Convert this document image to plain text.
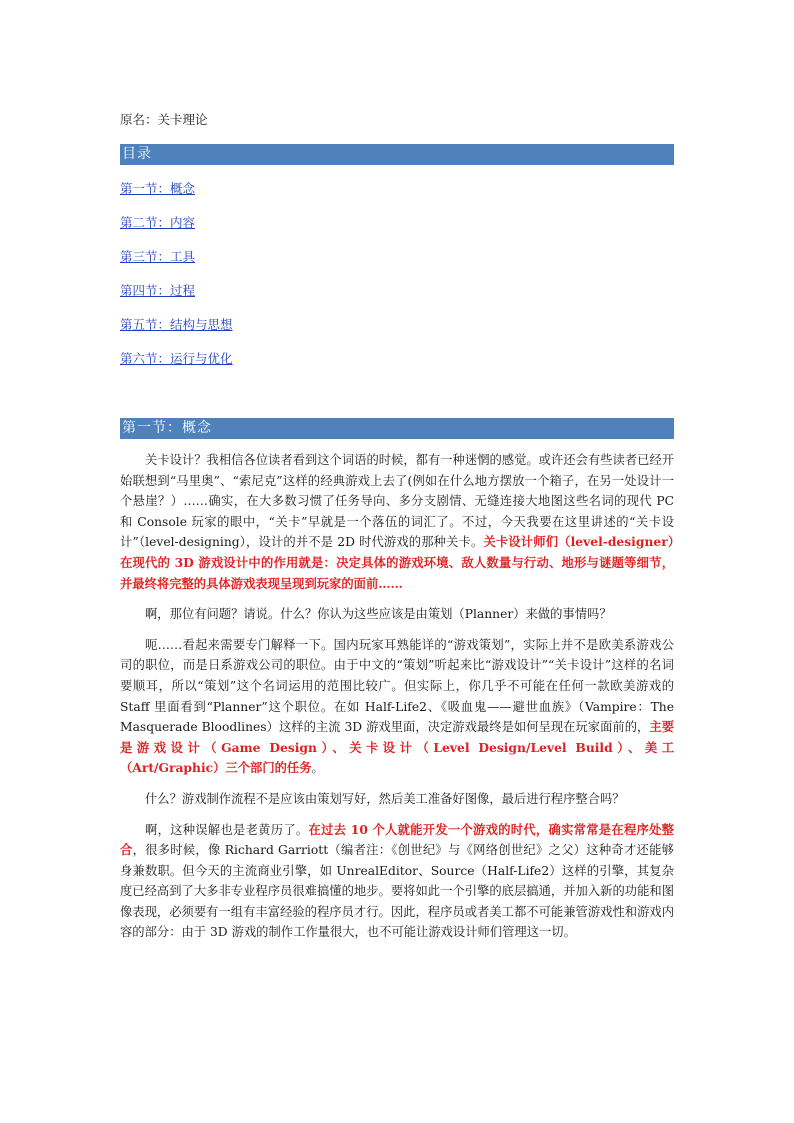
原名：关卡理论

目录
第一节：概念
第二节：内容
第三节：工具
第四节：过程
第五节：结构与思想
第六节：运行与优化
第一节：概念

关卡设计？我相信各位读者看到这个词语的时候，都有一种迷惘的感觉。或许还会有些读者已经开始联想到“马里奥”、“索尼克”这样的经典游戏上去了(例如在什么地方摆放一个箱子，在另一处设计一个悬崖？）……确实，在大多数习惯了任务导向、多分支剧情、无缝连接大地图这些名词的现代 PC 和 Console 玩家的眼中，“关卡”早就是一个落伍的词汇了。不过，今天我要在这里讲述的“关卡设计”（level-designing），设计的并不是 2D 时代游戏的那种关卡。关卡设计师们（level-designer）在现代的 3D 游戏设计中的作用就是：决定具体的游戏环境、敌人数量与行动、地形与谜题等细节，并最终将完整的具体游戏表现呈现到玩家的面前……

啊，那位有问题？请说。什么？你认为这些应该是由策划（Planner）来做的事情吗？

呃……看起来需要专门解释一下。国内玩家耳熟能详的“游戏策划”，实际上并不是欧美系游戏公司的职位，而是日系游戏公司的职位。由于中文的“策划”听起来比“游戏设计”“关卡设计”这样的名词要顺耳，所以“策划”这个名词运用的范围比较广。但实际上，你几乎不可能在任何一款欧美游戏的 Staff 里面看到“Planner”这个职位。在如 Half-Life2、《吸血鬼——避世血族》（Vampire：The Masquerade Bloodlines）这样的主流 3D 游戏里面，决定游戏最终是如何呈现在玩家面前的，主要是游戏设计（Game Design）、关卡设计（Level Design/Level Build）、美工（Art/Graphic）三个部门的任务。

什么？游戏制作流程不是应该由策划写好，然后美工准备好图像，最后进行程序整合吗？

啊，这种误解也是老黄历了。在过去 10 个人就能开发一个游戏的时代，确实常常是在程序处整合，很多时候，像 Richard Garriott（编者注：《创世纪》与《网络创世纪》之父）这种奇才还能够身兼数职。但今天的主流商业引擎，如 UnrealEditor、Source（Half-Life2）这样的引擎，其复杂度已经高到了大多非专业程序员很难搞懂的地步。要将如此一个引擎的底层搞通，并加入新的功能和图像表现，必须要有一组有丰富经验的程序员才行。因此，程序员或者美工都不可能兼管游戏性和游戏内容的部分：由于 3D 游戏的制作工作量很大，也不可能让游戏设计师们管理这一切。
